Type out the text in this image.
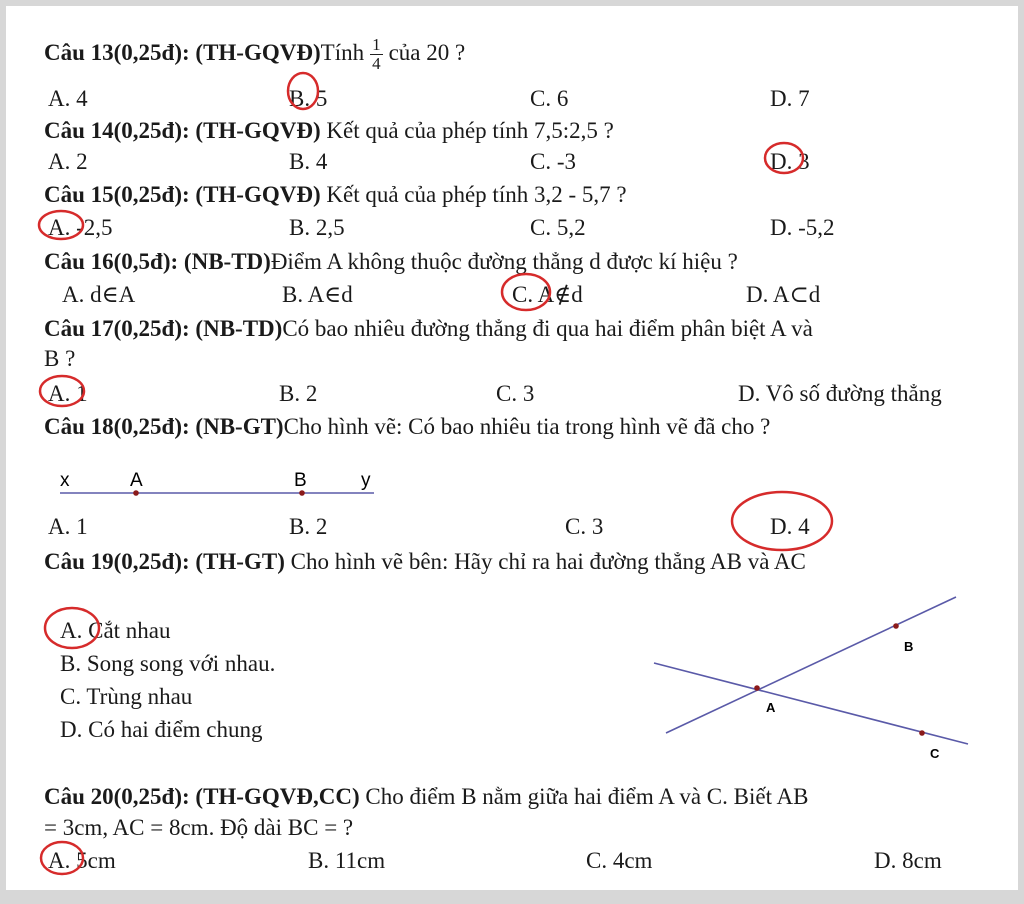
Câu 13(0,25đ): (TH-GQVĐ)Tính $\frac{1}{4}$ của 20 ?
A. 4	B. 5	C. 6	D. 7
Câu 14(0,25đ): (TH-GQVĐ) Kết quả của phép tính 7,5:2,5 ?
A. 2	B. 4	C. -3	D. 3
Câu 15(0,25đ): (TH-GQVĐ) Kết quả của phép tính 3,2 - 5,7 ?
A. -2,5	B. 2,5	C. 5,2	D. -5,2
Câu 16(0,5đ): (NB-TD)Điểm A không thuộc đường thẳng d được kí hiệu ?
A. d∈A	B. A∈d	C. A∉d	D. A⊂d
Câu 17(0,25đ): (NB-TD)Có bao nhiêu đường thẳng đi qua hai điểm phân biệt A và
B ?
A. 1	B. 2	C. 3	D. Vô số đường thẳng
Câu 18(0,25đ): (NB-GT)Cho hình vẽ: Có bao nhiêu tia trong hình vẽ đã cho ?
A. 1	B. 2	C. 3	D. 4
Câu 19(0,25đ): (TH-GT) Cho hình vẽ bên: Hãy chỉ ra hai đường thẳng AB và AC
A. Cắt nhau
B. Song song với nhau.
C. Trùng nhau
D. Có hai điểm chung
Câu 20(0,25đ): (TH-GQVĐ,CC) Cho điểm B nằm giữa hai điểm A và C. Biết AB
= 3cm, AC = 8cm. Độ dài BC = ?
A. 5cm	B. 11cm	C. 4cm	D. 8cm
x	A	B	y
A
B
C
